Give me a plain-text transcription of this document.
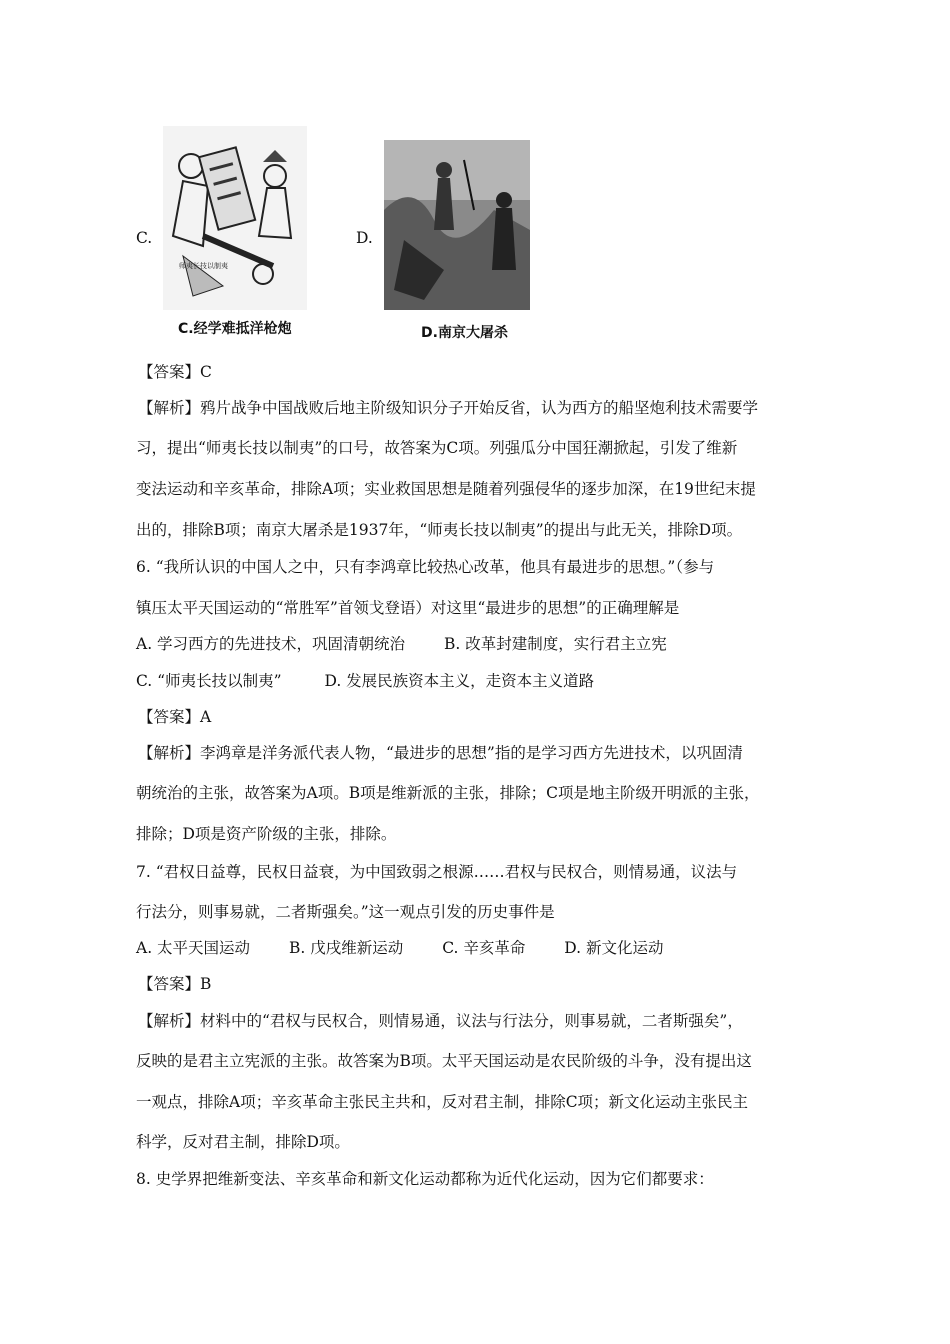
C.
师夷长技以制夷
C.经学难抵洋枪炮
D.
D.南京大屠杀
【答案】C
【解析】鸦片战争中国战败后地主阶级知识分子开始反省，认为西方的船坚炮利技术需要学
习，提出“师夷长技以制夷”的口号，故答案为C项。列强瓜分中国狂潮掀起，引发了维新
变法运动和辛亥革命，排除A项；实业救国思想是随着列强侵华的逐步加深，在19世纪末提
出的，排除B项；南京大屠杀是1937年，“师夷长技以制夷”的提出与此无关，排除D项。
6. “我所认识的中国人之中，只有李鸿章比较热心改革，他具有最进步的思想。”（参与
镇压太平天国运动的“常胜军”首领戈登语）对这里“最进步的思想”的正确理解是
A. 学习西方的先进技术，巩固清朝统治	B. 改革封建制度，实行君主立宪
C. “师夷长技以制夷”	D. 发展民族资本主义，走资本主义道路
【答案】A
【解析】李鸿章是洋务派代表人物，“最进步的思想”指的是学习西方先进技术，以巩固清
朝统治的主张，故答案为A项。B项是维新派的主张，排除；C项是地主阶级开明派的主张，
排除；D项是资产阶级的主张，排除。
7. “君权日益尊，民权日益衰，为中国致弱之根源……君权与民权合，则情易通，议法与
行法分，则事易就，二者斯强矣。”这一观点引发的历史事件是
A. 太平天国运动	B. 戊戌维新运动	C. 辛亥革命	D. 新文化运动
【答案】B
【解析】材料中的“君权与民权合，则情易通，议法与行法分，则事易就，二者斯强矣”，
反映的是君主立宪派的主张。故答案为B项。太平天国运动是农民阶级的斗争，没有提出这
一观点，排除A项；辛亥革命主张民主共和，反对君主制，排除C项；新文化运动主张民主
科学，反对君主制，排除D项。
8. 史学界把维新变法、辛亥革命和新文化运动都称为近代化运动，因为它们都要求：
